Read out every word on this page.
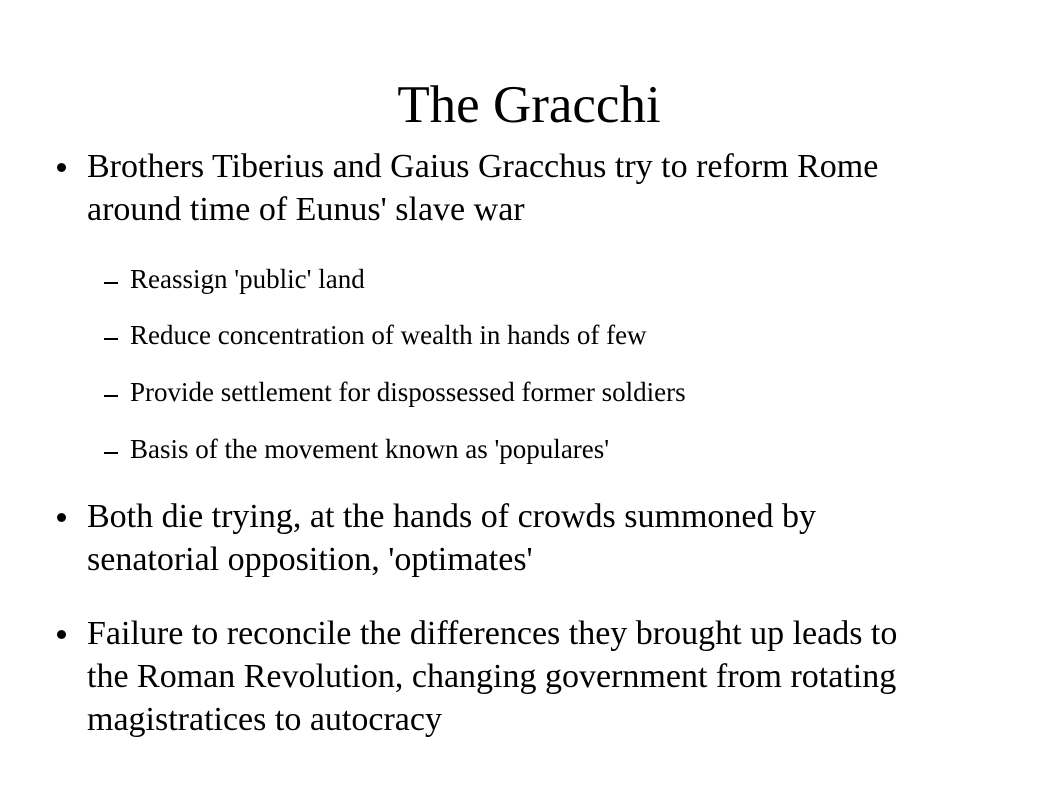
The Gracchi

Brothers Tiberius and Gaius Gracchus try to reform Rome around time of Eunus' slave war

Reassign 'public' land

Reduce concentration of wealth in hands of few

Provide settlement for dispossessed former soldiers

Basis of the movement known as 'populares'

Both die trying, at the hands of crowds summoned by senatorial opposition, 'optimates'

Failure to reconcile the differences they brought up leads to the Roman Revolution, changing government from rotating magistratices to autocracy
